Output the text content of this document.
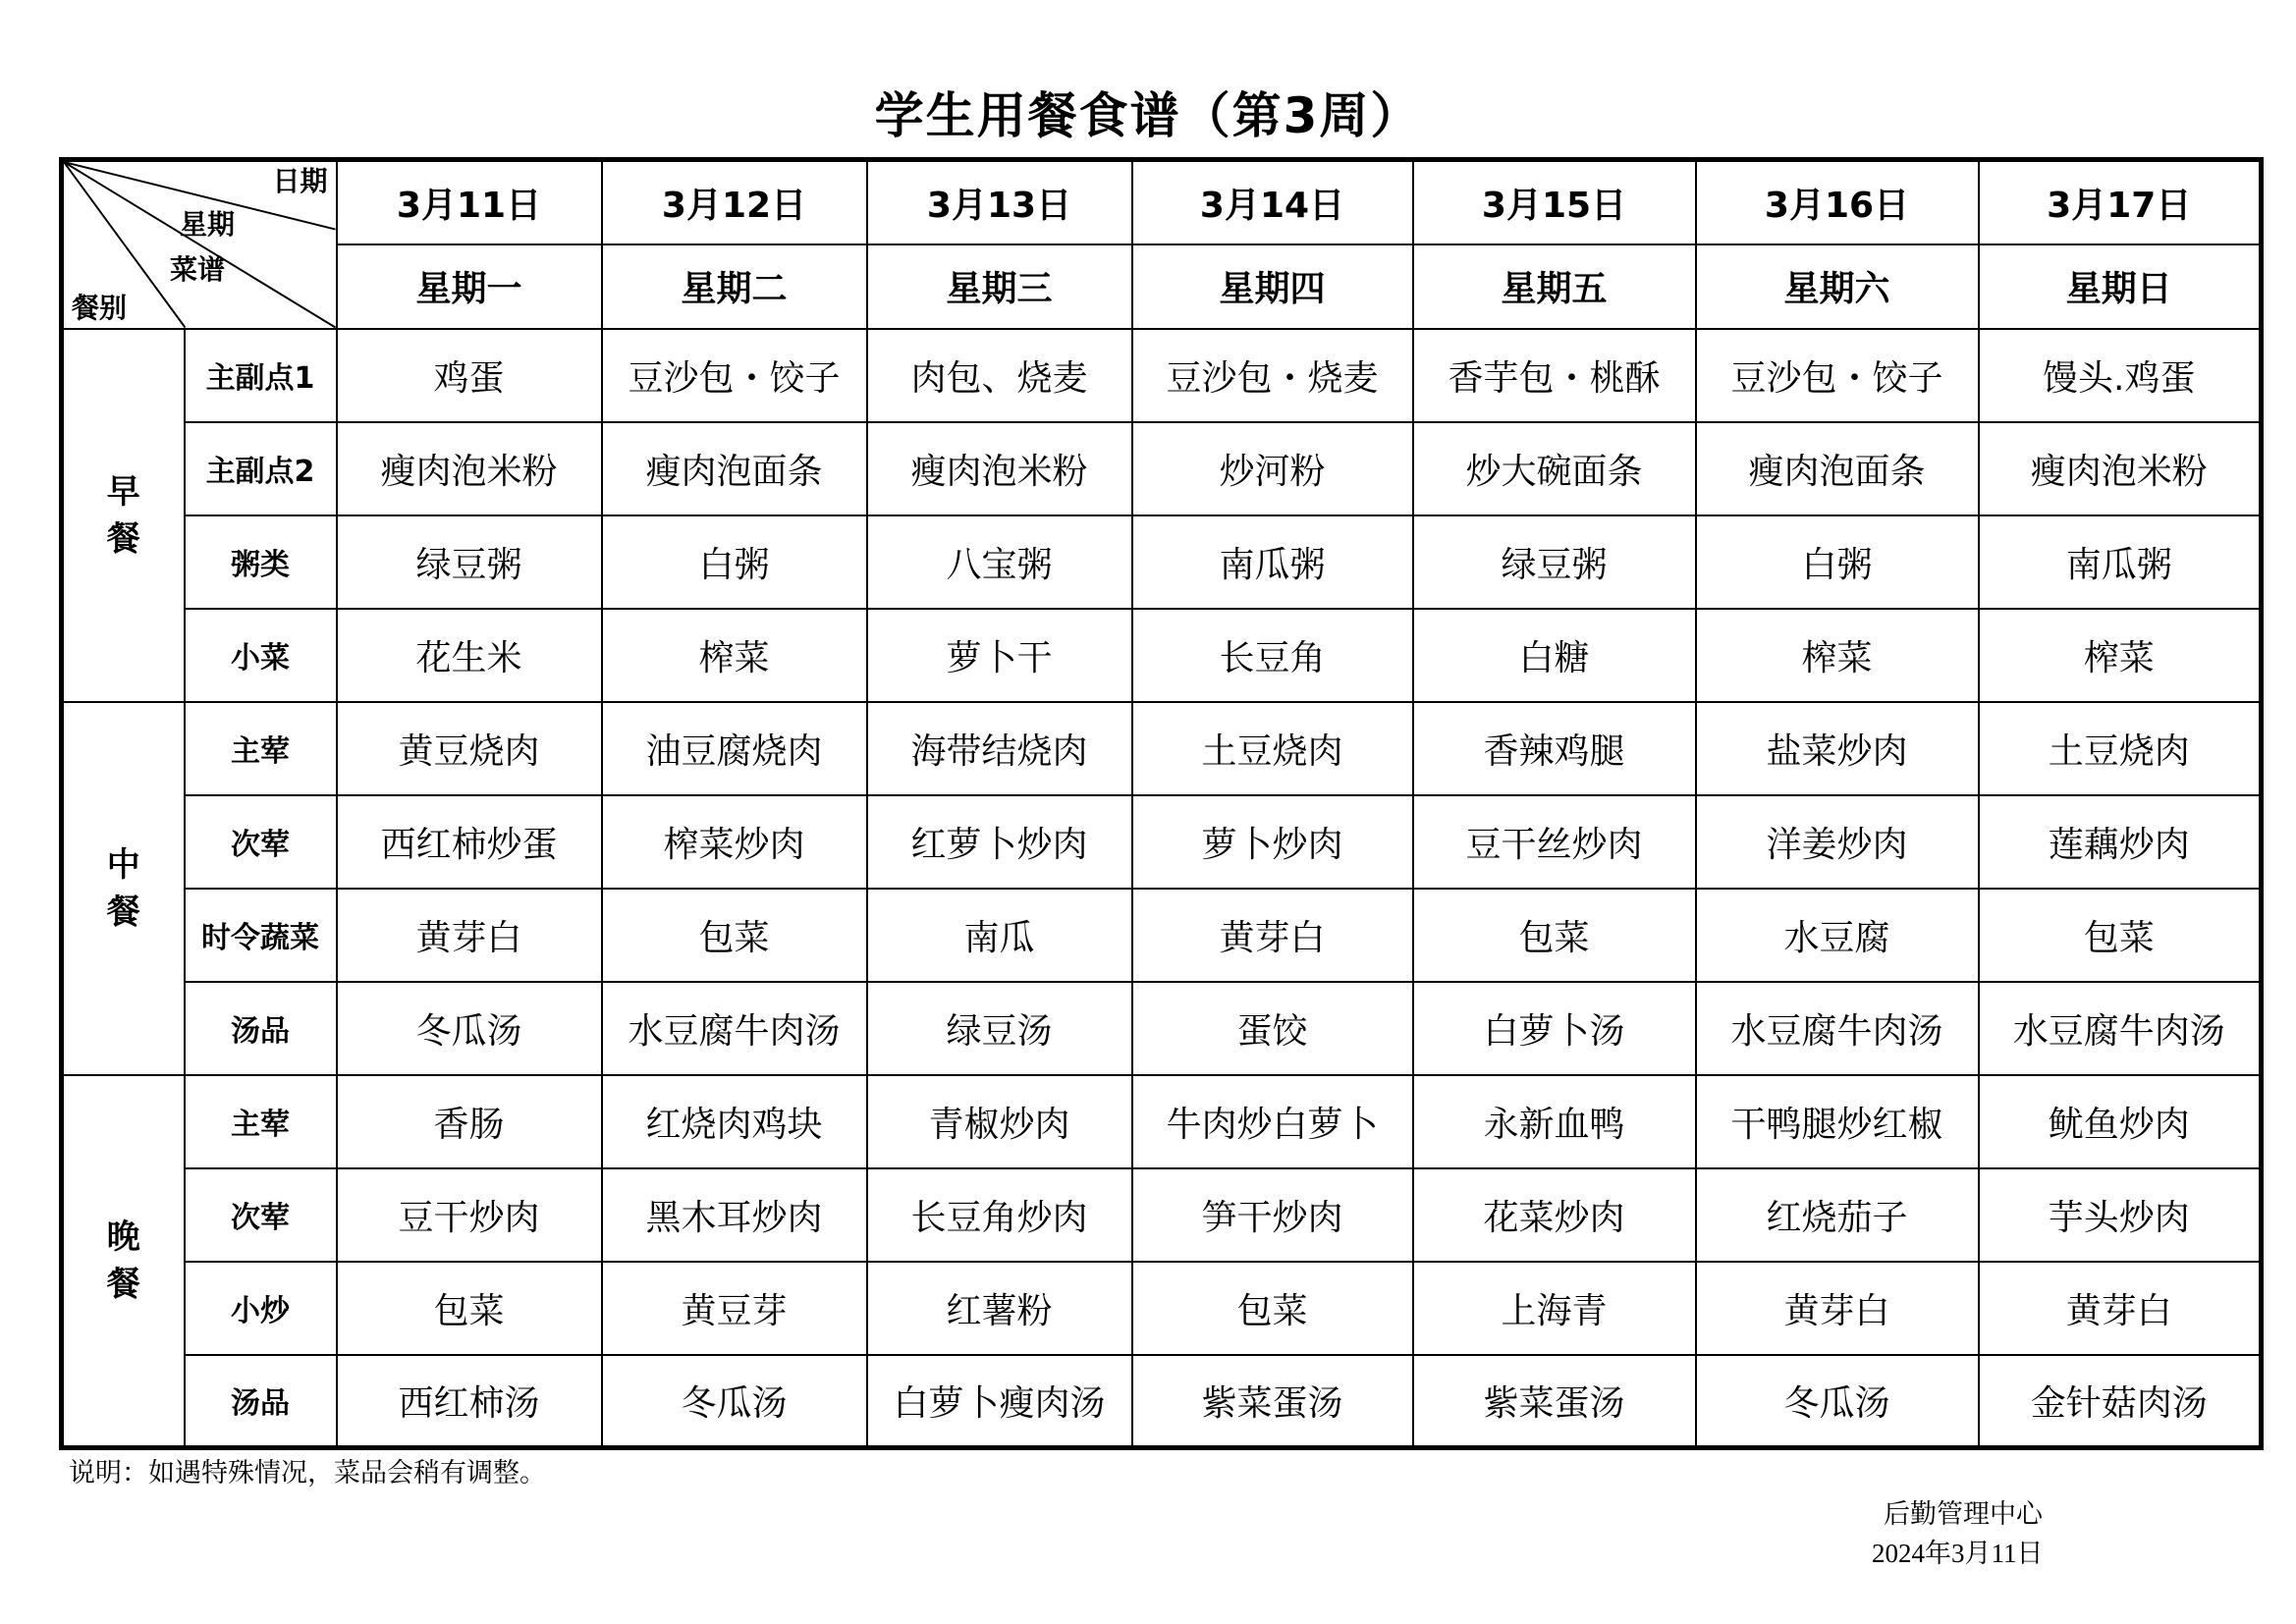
学生用餐食谱（第3周）
日期
星期
菜谱
餐别		3月11日	3月12日	3月13日	3月14日	3月15日	3月16日	3月17日
		星期一	星期二	星期三	星期四	星期五	星期六	星期日

早
餐	主副点1	鸡蛋	豆沙包・饺子	肉包、烧麦	豆沙包・烧麦	香芋包・桃酥	豆沙包・饺子	馒头.鸡蛋
	主副点2	瘦肉泡米粉	瘦肉泡面条	瘦肉泡米粉	炒河粉	炒大碗面条	瘦肉泡面条	瘦肉泡米粉
	粥类	绿豆粥	白粥	八宝粥	南瓜粥	绿豆粥	白粥	南瓜粥
	小菜	花生米	榨菜	萝卜干	长豆角	白糖	榨菜	榨菜

中
餐	主荤	黄豆烧肉	油豆腐烧肉	海带结烧肉	土豆烧肉	香辣鸡腿	盐菜炒肉	土豆烧肉
	次荤	西红柿炒蛋	榨菜炒肉	红萝卜炒肉	萝卜炒肉	豆干丝炒肉	洋姜炒肉	莲藕炒肉
	时令蔬菜	黄芽白	包菜	南瓜	黄芽白	包菜	水豆腐	包菜
	汤品	冬瓜汤	水豆腐牛肉汤	绿豆汤	蛋饺	白萝卜汤	水豆腐牛肉汤	水豆腐牛肉汤

晚
餐	主荤	香肠	红烧肉鸡块	青椒炒肉	牛肉炒白萝卜	永新血鸭	干鸭腿炒红椒	鱿鱼炒肉
	次荤	豆干炒肉	黑木耳炒肉	长豆角炒肉	笋干炒肉	花菜炒肉	红烧茄子	芋头炒肉
	小炒	包菜	黄豆芽	红薯粉	包菜	上海青	黄芽白	黄芽白
	汤品	西红柿汤	冬瓜汤	白萝卜瘦肉汤	紫菜蛋汤	紫菜蛋汤	冬瓜汤	金针菇肉汤
说明：如遇特殊情况，菜品会稍有调整。
后勤管理中心
2024年3月11日
